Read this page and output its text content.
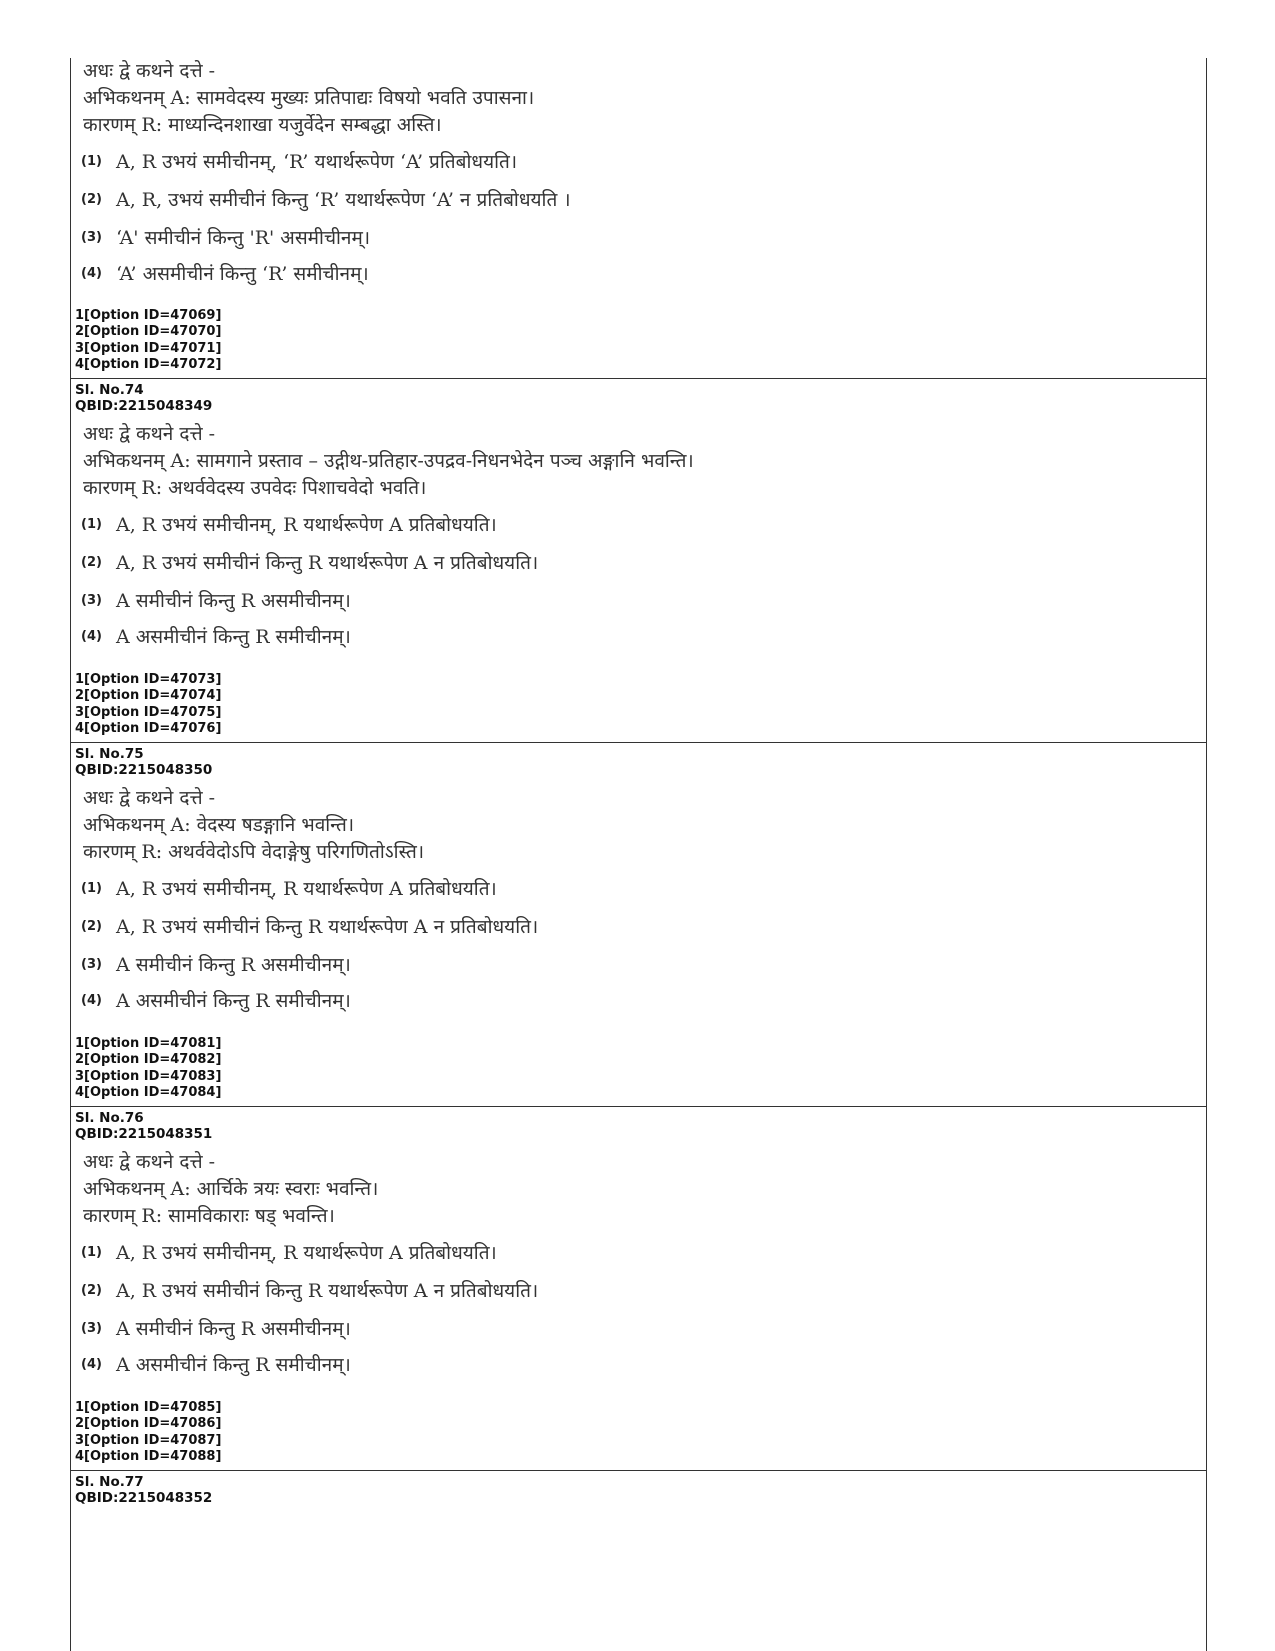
अधः द्वे कथने दत्ते -
अभिकथनम् A: सामवेदस्य मुख्यः प्रतिपाद्यः विषयो भवति उपासना।
कारणम् R: माध्यन्दिनशाखा यजुर्वेदेन सम्बद्धा अस्ति।
(1) A, R उभयं समीचीनम्, ‘R’ यथार्थरूपेण ‘A’ प्रतिबोधयति।
(2) A, R, उभयं समीचीनं किन्तु ‘R’ यथार्थरूपेण ‘A’ न प्रतिबोधयति ।
(3) ‘A' समीचीनं किन्तु 'R' असमीचीनम्।
(4) ‘A’ असमीचीनं किन्तु ‘R’ समीचीनम्।
1[Option ID=47069]
2[Option ID=47070]
3[Option ID=47071]
4[Option ID=47072]
Sl. No.74
QBID:2215048349
अधः द्वे कथने दत्ते -
अभिकथनम् A: सामगाने प्रस्ताव – उद्गीथ-प्रतिहार-उपद्रव-निधनभेदेन पञ्च अङ्गानि भवन्ति।
कारणम् R: अथर्ववेदस्य उपवेदः पिशाचवेदो भवति।
(1) A, R उभयं समीचीनम्, R यथार्थरूपेण A प्रतिबोधयति।
(2) A, R उभयं समीचीनं किन्तु R यथार्थरूपेण A न प्रतिबोधयति।
(3) A समीचीनं किन्तु R असमीचीनम्।
(4) A असमीचीनं किन्तु R समीचीनम्।
1[Option ID=47073]
2[Option ID=47074]
3[Option ID=47075]
4[Option ID=47076]
Sl. No.75
QBID:2215048350
अधः द्वे कथने दत्ते -
अभिकथनम् A: वेदस्य षडङ्गानि भवन्ति।
कारणम् R: अथर्ववेदोऽपि वेदाङ्गेषु परिगणितोऽस्ति।
(1) A, R उभयं समीचीनम्, R यथार्थरूपेण A प्रतिबोधयति।
(2) A, R उभयं समीचीनं किन्तु R यथार्थरूपेण A न प्रतिबोधयति।
(3) A समीचीनं किन्तु R असमीचीनम्।
(4) A असमीचीनं किन्तु R समीचीनम्।
1[Option ID=47081]
2[Option ID=47082]
3[Option ID=47083]
4[Option ID=47084]
Sl. No.76
QBID:2215048351
अधः द्वे कथने दत्ते -
अभिकथनम् A: आर्चिके त्रयः स्वराः भवन्ति।
कारणम् R: सामविकाराः षड् भवन्ति।
(1) A, R उभयं समीचीनम्, R यथार्थरूपेण A प्रतिबोधयति।
(2) A, R उभयं समीचीनं किन्तु R यथार्थरूपेण A न प्रतिबोधयति।
(3) A समीचीनं किन्तु R असमीचीनम्।
(4) A असमीचीनं किन्तु R समीचीनम्।
1[Option ID=47085]
2[Option ID=47086]
3[Option ID=47087]
4[Option ID=47088]
Sl. No.77
QBID:2215048352
